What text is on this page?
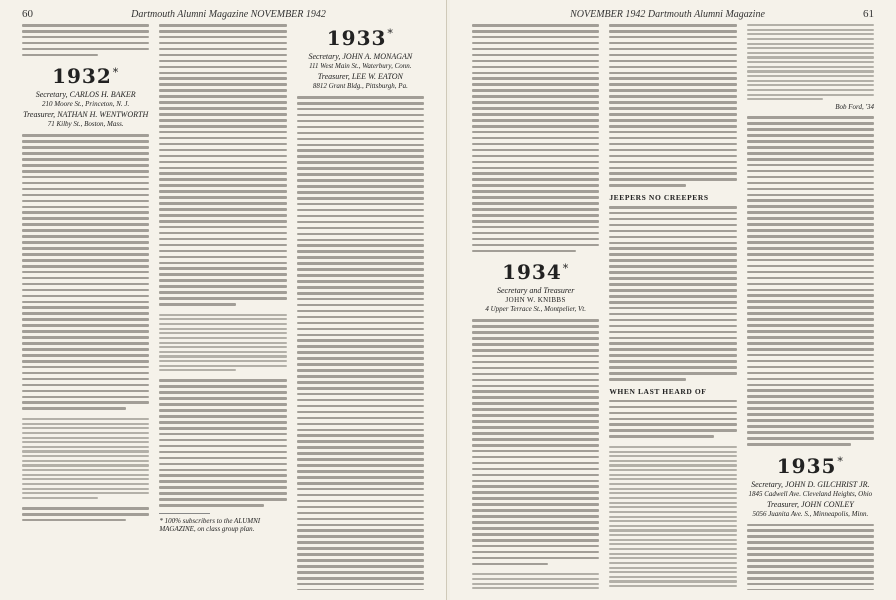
60	Dartmouth Alumni Magazine NOVEMBER 1942
1932*
Secretary, CARLOS H. BAKER
210 Moore St., Princeton, N. J.
Treasurer, NATHAN H. WENTWORTH
71 Kilby St., Boston, Mass.
* 100% subscribers to the ALUMNI MAGAZINE, on class group plan.
1933*
Secretary, JOHN A. MONAGAN
111 West Main St., Waterbury, Conn.
Treasurer, LEE W. EATON
8812 Grant Bldg., Pittsburgh, Pa.
NOVEMBER 1942 Dartmouth Alumni Magazine	61
1934*
Secretary and Treasurer
JOHN W. KNIBBS
4 Upper Terrace St., Montpelier, Vt.
JEEPERS NO CREEPERS
WHEN LAST HEARD OF
Bob Ford, '34
1935*
Secretary, JOHN D. GILCHRIST JR.
1845 Cadwell Ave. Cleveland Heights, Ohio
Treasurer, JOHN CONLEY
5056 Juanita Ave. S., Minneapolis, Minn.
